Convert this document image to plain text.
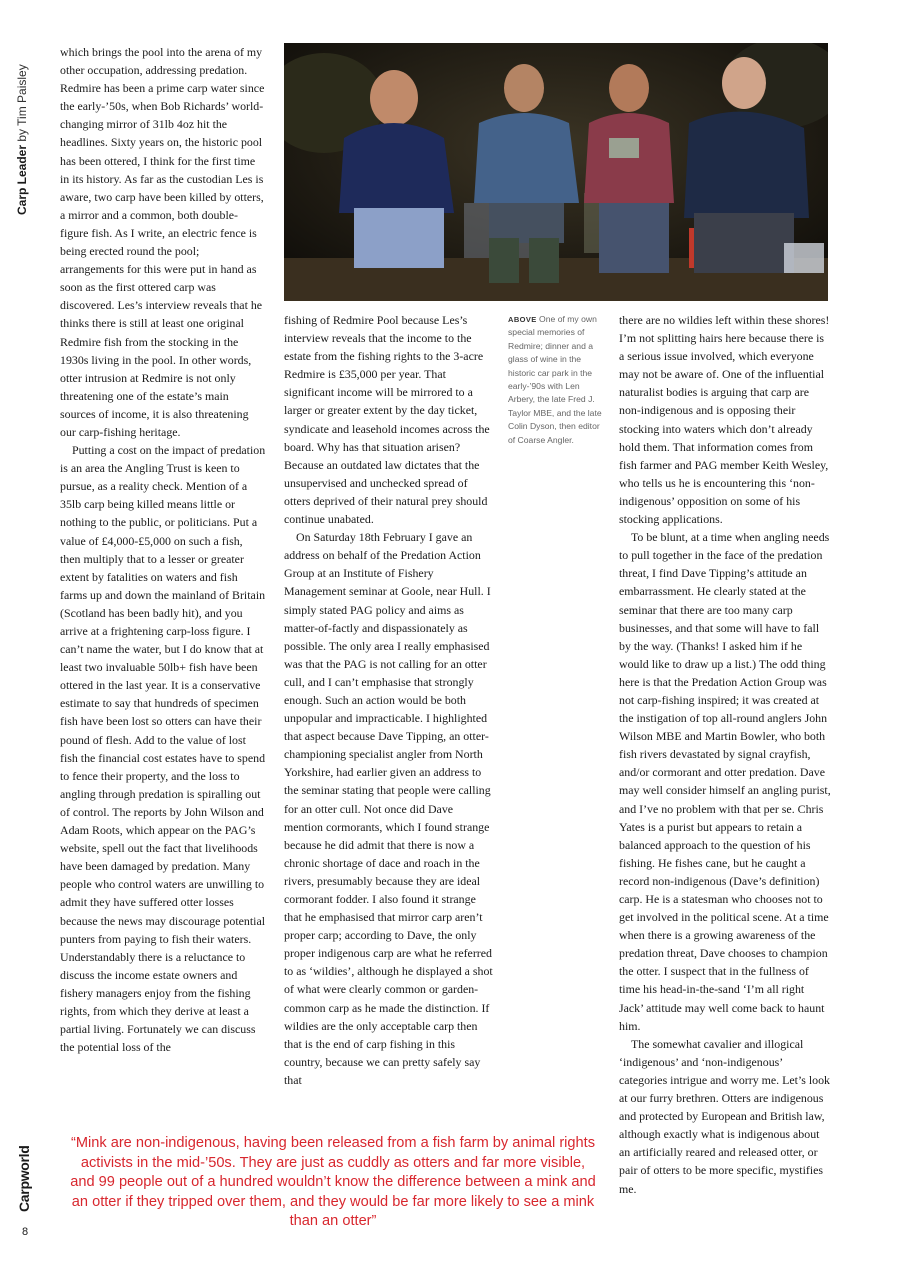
Carp Leader by Tim Paisley

which brings the pool into the arena of my other occupation, addressing predation. Redmire has been a prime carp water since the early-’50s, when Bob Richards’ world-changing mirror of 31lb 4oz hit the headlines. Sixty years on, the historic pool has been ottered, I think for the first time in its history. As far as the custodian Les is aware, two carp have been killed by otters, a mirror and a common, both double-figure fish. As I write, an electric fence is being erected round the pool; arrangements for this were put in hand as soon as the first ottered carp was discovered. Les’s interview reveals that he thinks there is still at least one original Redmire fish from the stocking in the 1930s living in the pool. In other words, otter intrusion at Redmire is not only threatening one of the estate’s main sources of income, it is also threatening our carp-fishing heritage.

Putting a cost on the impact of predation is an area the Angling Trust is keen to pursue, as a reality check. Mention of a 35lb carp being killed means little or nothing to the public, or politicians. Put a value of £4,000-£5,000 on such a fish, then multiply that to a lesser or greater extent by fatalities on waters and fish farms up and down the mainland of Britain (Scotland has been badly hit), and you arrive at a frightening carp-loss figure. I can’t name the water, but I do know that at least two invaluable 50lb+ fish have been ottered in the last year. It is a conservative estimate to say that hundreds of specimen fish have been lost so otters can have their pound of flesh. Add to the value of lost fish the financial cost estates have to spend to fence their property, and the loss to angling through predation is spiralling out of control. The reports by John Wilson and Adam Roots, which appear on the PAG’s website, spell out the fact that livelihoods have been damaged by predation. Many people who control waters are unwilling to admit they have suffered otter losses because the news may discourage potential punters from paying to fish their waters. Understandably there is a reluctance to discuss the income estate owners and fishery managers enjoy from the fishing rights, from which they derive at least a partial living. Fortunately we can discuss the potential loss of the

fishing of Redmire Pool because Les’s interview reveals that the income to the estate from the fishing rights to the 3-acre Redmire is £35,000 per year. That significant income will be mirrored to a larger or greater extent by the day ticket, syndicate and leasehold incomes across the board. Why has that situation arisen? Because an outdated law dictates that the unsupervised and unchecked spread of otters deprived of their natural prey should continue unabated.

On Saturday 18th February I gave an address on behalf of the Predation Action Group at an Institute of Fishery Management seminar at Goole, near Hull. I simply stated PAG policy and aims as matter-of-factly and dispassionately as possible. The only area I really emphasised was that the PAG is not calling for an otter cull, and I can’t emphasise that strongly enough. Such an action would be both unpopular and impracticable. I highlighted that aspect because Dave Tipping, an otter-championing specialist angler from North Yorkshire, had earlier given an address to the seminar stating that people were calling for an otter cull. Not once did Dave mention cormorants, which I found strange because he did admit that there is now a chronic shortage of dace and roach in the rivers, presumably because they are ideal cormorant fodder. I also found it strange that he emphasised that mirror carp aren’t proper carp; according to Dave, the only proper indigenous carp are what he referred to as ‘wildies’, although he displayed a shot of what were clearly common or garden-common carp as he made the distinction. If wildies are the only acceptable carp then that is the end of carp fishing in this country, because we can pretty safely say that

ABOVE One of my own special memories of Redmire; dinner and a glass of wine in the historic car park in the early-’90s with Len Arbery, the late Fred J. Taylor MBE, and the late Colin Dyson, then editor of Coarse Angler.

there are no wildies left within these shores! I’m not splitting hairs here because there is a serious issue involved, which everyone may not be aware of. One of the influential naturalist bodies is arguing that carp are non-indigenous and is opposing their stocking into waters which don’t already hold them. That information comes from fish farmer and PAG member Keith Wesley, who tells us he is encountering this ‘non-indigenous’ opposition on some of his stocking applications.

To be blunt, at a time when angling needs to pull together in the face of the predation threat, I find Dave Tipping’s attitude an embarrassment. He clearly stated at the seminar that there are too many carp businesses, and that some will have to fall by the way. (Thanks! I asked him if he would like to draw up a list.) The odd thing here is that the Predation Action Group was not carp-fishing inspired; it was created at the instigation of top all-round anglers John Wilson MBE and Martin Bowler, who both fish rivers devastated by signal crayfish, and/or cormorant and otter predation. Dave may well consider himself an angling purist, and I’ve no problem with that per se. Chris Yates is a purist but appears to retain a balanced approach to the question of his fishing. He fishes cane, but he caught a record non-indigenous (Dave’s definition) carp. He is a statesman who chooses not to get involved in the political scene. At a time when there is a growing awareness of the predation threat, Dave chooses to champion the otter. I suspect that in the fullness of time his head-in-the-sand ‘I’m all right Jack’ attitude may well come back to haunt him.

The somewhat cavalier and illogical ‘indigenous’ and ‘non-indigenous’ categories intrigue and worry me. Let’s look at our furry brethren. Otters are indigenous and protected by European and British law, although exactly what is indigenous about an artificially reared and released otter, or pair of otters to be more specific, mystifies me.

“Mink are non-indigenous, having been released from a fish farm by animal rights activists in the mid-’50s. They are just as cuddly as otters and far more visible, and 99 people out of a hundred wouldn’t know the difference between a mink and an otter if they tripped over them, and they would be far more likely to see a mink than an otter”
Carpworld
8
